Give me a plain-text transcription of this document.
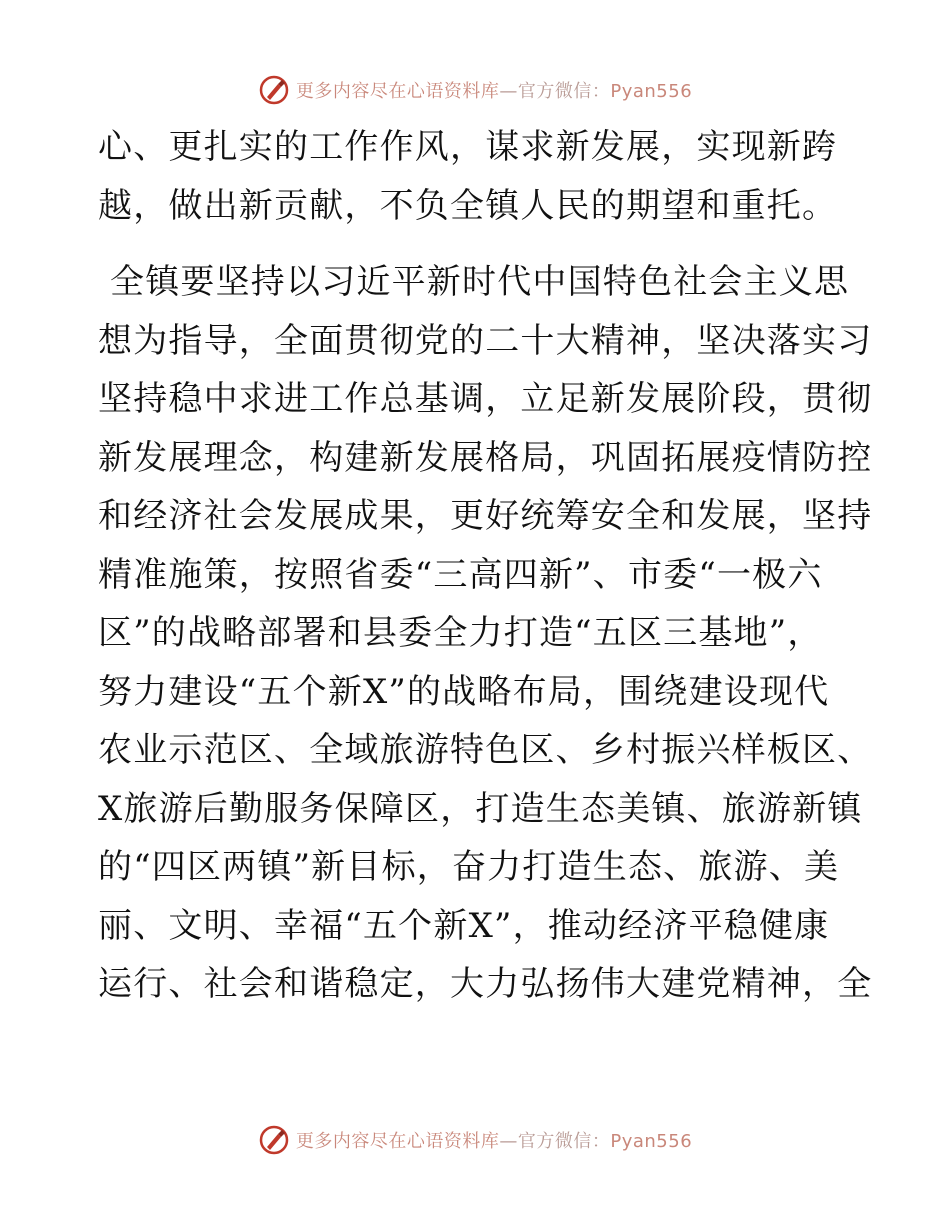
更多内容尽在心语资料库—官方微信：Pyan556

心、更扎实的工作作风，谋求新发展，实现新跨
越，做出新贡献，不负全镇人民的期望和重托。

全镇要坚持以习近平新时代中国特色社会主义思
想为指导，全面贯彻党的二十大精神，坚决落实习
坚持稳中求进工作总基调，立足新发展阶段，贯彻
新发展理念，构建新发展格局，巩固拓展疫情防控
和经济社会发展成果，更好统筹安全和发展，坚持
精准施策，按照省委“三高四新”、市委“一极六
区”的战略部署和县委全力打造“五区三基地”，
努力建设“五个新X”的战略布局，围绕建设现代
农业示范区、全域旅游特色区、乡村振兴样板区、
X旅游后勤服务保障区，打造生态美镇、旅游新镇
的“四区两镇”新目标，奋力打造生态、旅游、美
丽、文明、幸福“五个新X”，推动经济平稳健康
运行、社会和谐稳定，大力弘扬伟大建党精神，全

更多内容尽在心语资料库—官方微信：Pyan556
